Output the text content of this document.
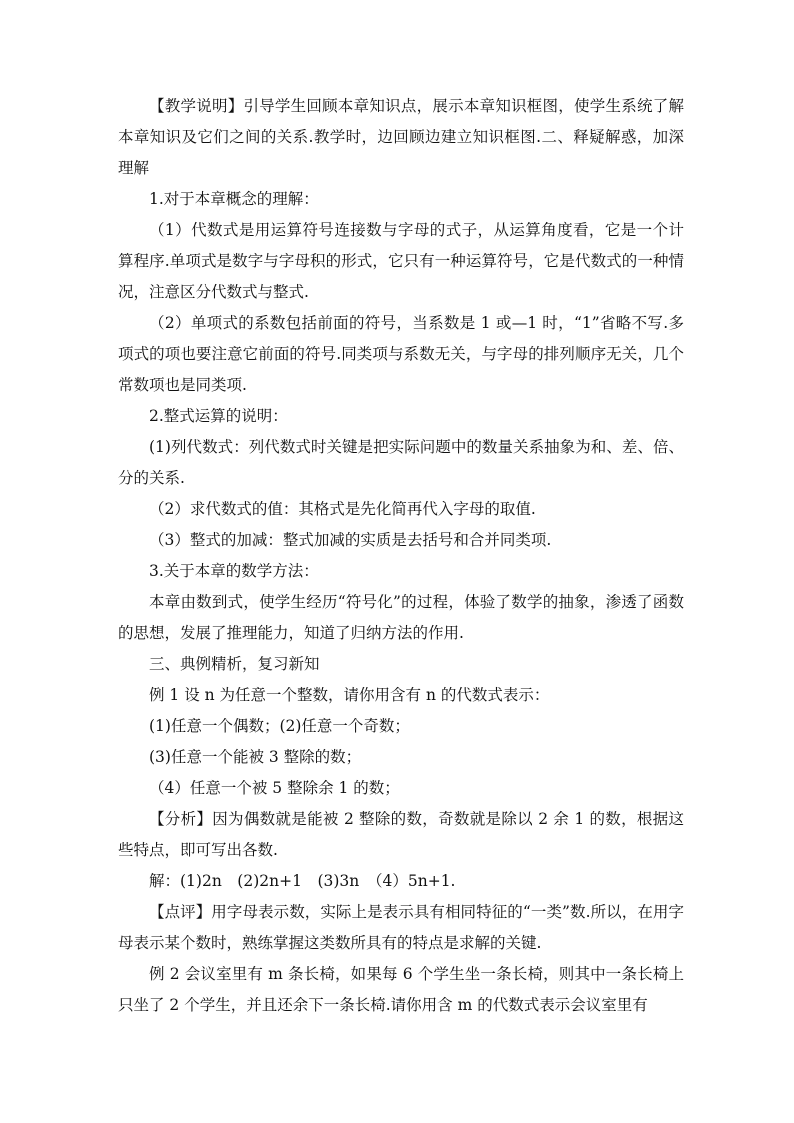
【教学说明】引导学生回顾本章知识点，展示本章知识框图，使学生系统了解本章知识及它们之间的关系.教学时，边回顾边建立知识框图.二、释疑解惑，加深理解

1.对于本章概念的理解：

（1）代数式是用运算符号连接数与字母的式子，从运算角度看，它是一个计算程序.单项式是数字与字母积的形式，它只有一种运算符号，它是代数式的一种情况，注意区分代数式与整式.

（2）单项式的系数包括前面的符号，当系数是 1 或—1 时，“1”省略不写.多项式的项也要注意它前面的符号.同类项与系数无关，与字母的排列顺序无关，几个常数项也是同类项.

2.整式运算的说明：

(1)列代数式：列代数式时关键是把实际问题中的数量关系抽象为和、差、倍、分的关系.

（2）求代数式的值：其格式是先化简再代入字母的取值.

（3）整式的加减：整式加减的实质是去括号和合并同类项.

3.关于本章的数学方法：

本章由数到式，使学生经历“符号化”的过程，体验了数学的抽象，渗透了函数的思想，发展了推理能力，知道了归纳方法的作用.

三、典例精析，复习新知

例 1 设 n 为任意一个整数，请你用含有 n 的代数式表示：

(1)任意一个偶数；(2)任意一个奇数；

(3)任意一个能被 3 整除的数；

（4）任意一个被 5 整除余 1 的数；

【分析】因为偶数就是能被 2 整除的数，奇数就是除以 2 余 1 的数，根据这些特点，即可写出各数.

解：(1)2n　(2)2n+1　(3)3n　（4）5n+1.

【点评】用字母表示数，实际上是表示具有相同特征的“一类”数.所以，在用字母表示某个数时，熟练掌握这类数所具有的特点是求解的关键.

例 2 会议室里有 m 条长椅，如果每 6 个学生坐一条长椅，则其中一条长椅上只坐了 2 个学生，并且还余下一条长椅.请你用含 m 的代数式表示会议室里有
